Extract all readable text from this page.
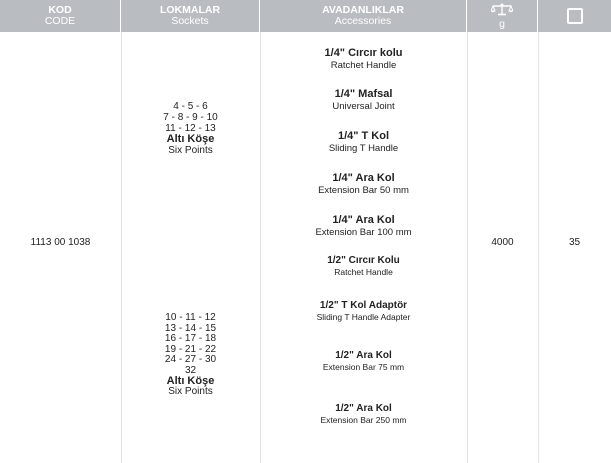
KOD
CODE
LOKMALAR
Sockets
AVADANLIKLAR
Accessories	g
1113 00 1038
4 - 5 - 6
7 - 8 - 9 - 10
11 - 12 - 13
Altı Köşe
Six Points
10 - 11 - 12
13 - 14 - 15
16 - 17 - 18
19 - 21 - 22
24 - 27 - 30
32
Altı Köşe
Six Points
1/4" Cırcır kolu
Ratchet Handle
1/4" Mafsal
Universal Joint
1/4" T Kol
Sliding T Handle
1/4" Ara Kol
Extension Bar 50 mm
1/4" Ara Kol
Extension Bar 100 mm
1/2" Cırcır Kolu
Ratchet Handle
1/2" T Kol Adaptör
Sliding T Handle Adapter
1/2" Ara Kol
Extension Bar 75 mm
1/2" Ara Kol
Extension Bar 250 mm
4000	35
